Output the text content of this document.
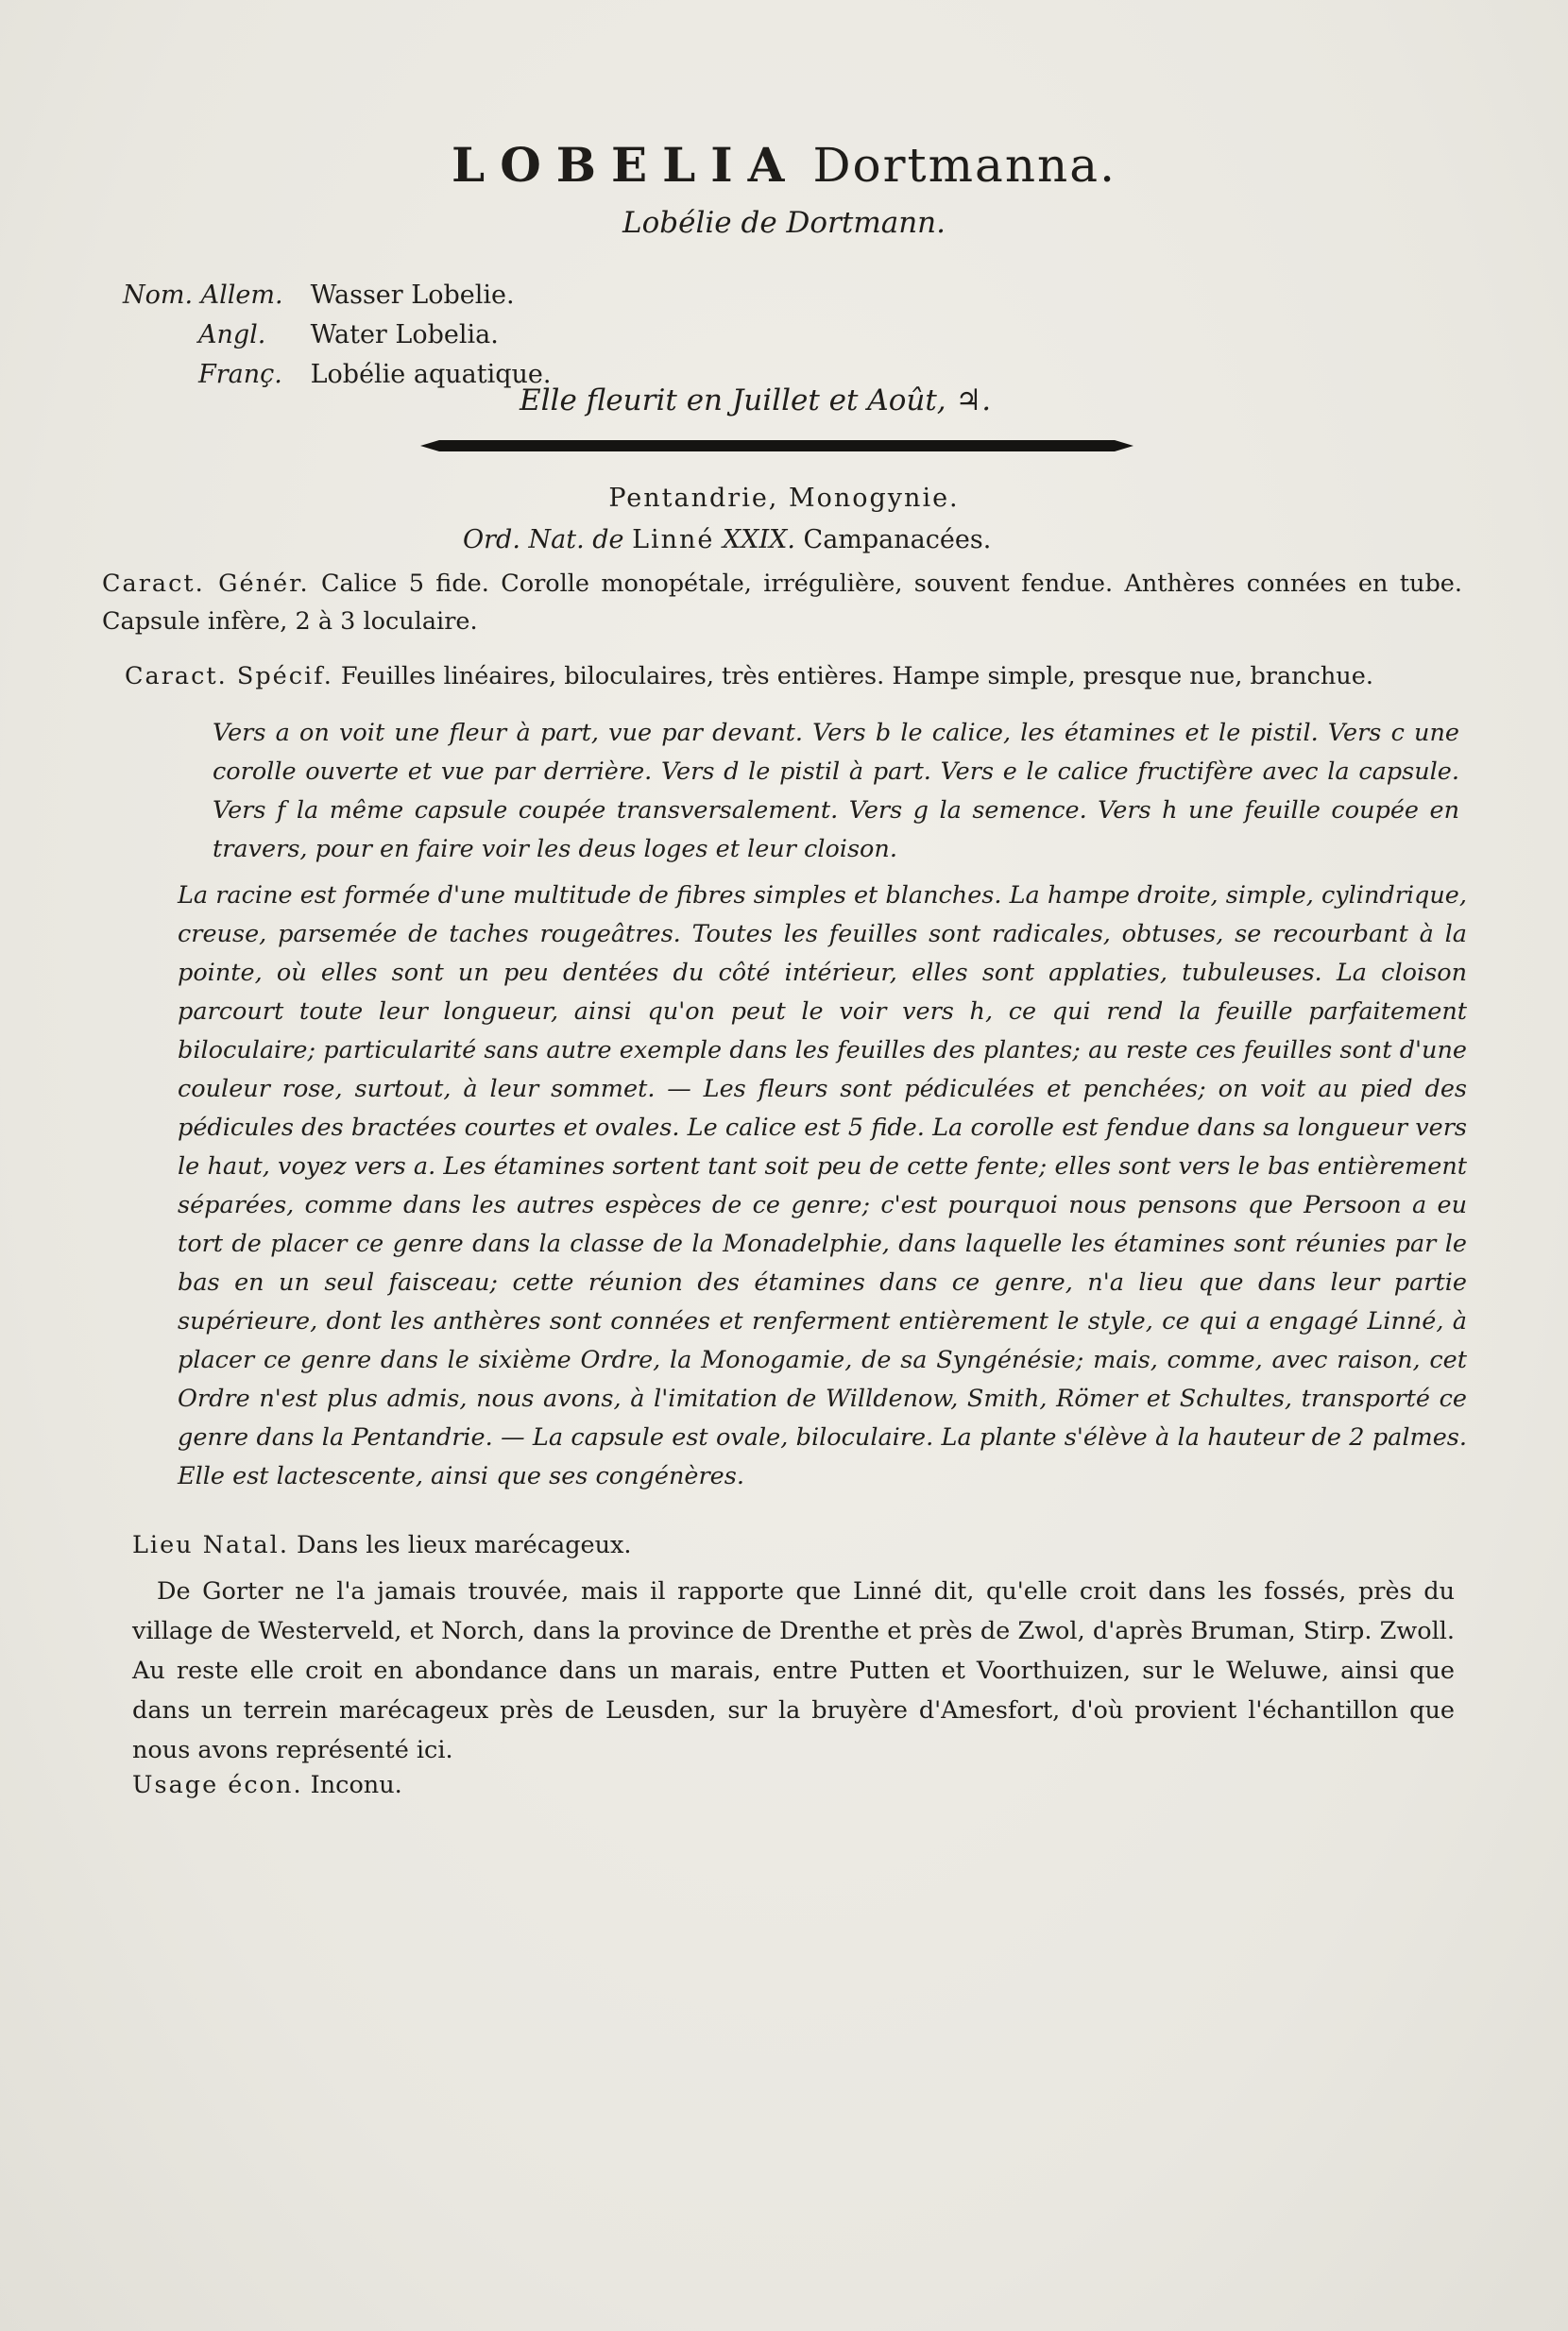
LOBELIA Dortmanna.
Lobélie de Dortmann.
Nom. Allem. Wasser Lobelie.
Angl. Water Lobelia.
Franç. Lobélie aquatique.
Elle fleurit en Juillet et Août, ♃.
Pentandrie, Monogynie.
Ord. Nat. de Linné XXIX. Campanacées.
Caract. Génér. Calice 5 fide. Corolle monopétale, irrégulière, souvent fendue. Anthères connées en tube. Capsule infère, 2 à 3 loculaire.
Caract. Spécif. Feuilles linéaires, biloculaires, très entières. Hampe simple, presque nue, branchue.

Vers a on voit une fleur à part, vue par devant. Vers b le calice, les étamines et le pistil. Vers c une corolle ouverte et vue par derrière. Vers d le pistil à part. Vers e le calice fructifère avec la capsule. Vers f la même capsule coupée transversalement. Vers g la semence. Vers h une feuille coupée en travers, pour en faire voir les deus loges et leur cloison.

La racine est formée d'une multitude de fibres simples et blanches. La hampe droite, simple, cylindrique, creuse, parsemée de taches rougeâtres. Toutes les feuilles sont radicales, obtuses, se recourbant à la pointe, où elles sont un peu dentées du côté intérieur, elles sont applaties, tubuleuses. La cloison parcourt toute leur longueur, ainsi qu'on peut le voir vers h, ce qui rend la feuille parfaitement biloculaire; particularité sans autre exemple dans les feuilles des plantes; au reste ces feuilles sont d'une couleur rose, surtout, à leur sommet. — Les fleurs sont pédiculées et penchées; on voit au pied des pédicules des bractées courtes et ovales. Le calice est 5 fide. La corolle est fendue dans sa longueur vers le haut, voyez vers a. Les étamines sortent tant soit peu de cette fente; elles sont vers le bas entièrement séparées, comme dans les autres espèces de ce genre; c'est pourquoi nous pensons que Persoon a eu tort de placer ce genre dans la classe de la Monadelphie, dans laquelle les étamines sont réunies par le bas en un seul faisceau; cette réunion des étamines dans ce genre, n'a lieu que dans leur partie supérieure, dont les anthères sont connées et renferment entièrement le style, ce qui a engagé Linné, à placer ce genre dans le sixième Ordre, la Monogamie, de sa Syngénésie; mais, comme, avec raison, cet Ordre n'est plus admis, nous avons, à l'imitation de Willdenow, Smith, Römer et Schultes, transporté ce genre dans la Pentandrie. — La capsule est ovale, biloculaire. La plante s'élève à la hauteur de 2 palmes. Elle est lactescente, ainsi que ses congénères.

Lieu Natal. Dans les lieux marécageux.
De Gorter ne l'a jamais trouvée, mais il rapporte que Linné dit, qu'elle croit dans les fossés, près du village de Westerveld, et Norch, dans la province de Drenthe et près de Zwol, d'après Bruman, Stirp. Zwoll. Au reste elle croit en abondance dans un marais, entre Putten et Voorthuizen, sur le Weluwe, ainsi que dans un terrein marécageux près de Leusden, sur la bruyère d'Amesfort, d'où provient l'échantillon que nous avons représenté ici.
Usage écon. Inconu.
